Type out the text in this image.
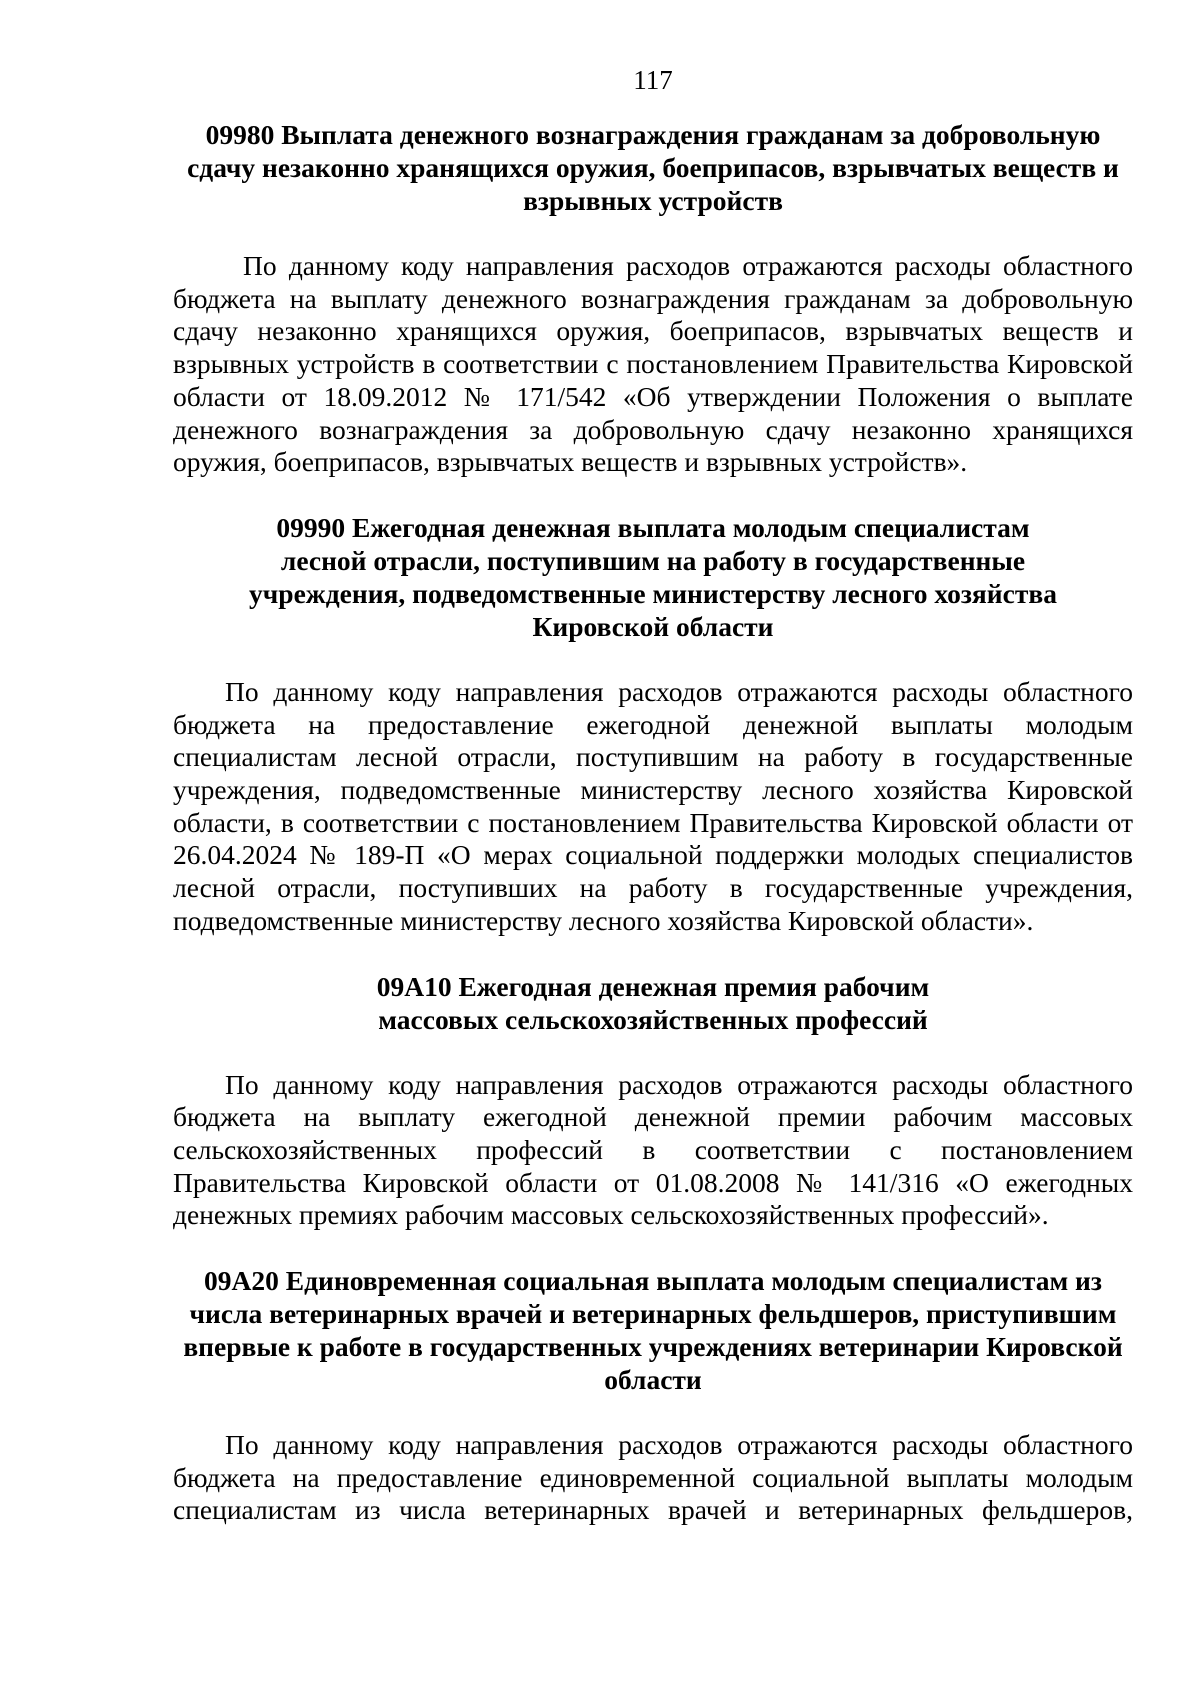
117
09980 Выплата денежного вознаграждения гражданам за добровольную сдачу незаконно хранящихся оружия, боеприпасов, взрывчатых веществ и взрывных устройств

По данному коду направления расходов отражаются расходы областного бюджета на выплату денежного вознаграждения гражданам за добровольную сдачу незаконно хранящихся оружия, боеприпасов, взрывчатых веществ и взрывных устройств в соответствии с постановлением Правительства Кировской области от 18.09.2012 № 171/542 «Об утверждении Положения о выплате денежного вознаграждения за добровольную сдачу незаконно хранящихся оружия, боеприпасов, взрывчатых веществ и взрывных устройств».

09990 Ежегодная денежная выплата молодым специалистам лесной отрасли, поступившим на работу в государственные учреждения, подведомственные министерству лесного хозяйства Кировской области

По данному коду направления расходов отражаются расходы областного бюджета на предоставление ежегодной денежной выплаты молодым специалистам лесной отрасли, поступившим на работу в государственные учреждения, подведомственные министерству лесного хозяйства Кировской области, в соответствии с постановлением Правительства Кировской области от 26.04.2024 № 189-П «О мерах социальной поддержки молодых специалистов лесной отрасли, поступивших на работу в государственные учреждения, подведомственные министерству лесного хозяйства Кировской области».

09А10 Ежегодная денежная премия рабочим массовых сельскохозяйственных профессий

По данному коду направления расходов отражаются расходы областного бюджета на выплату ежегодной денежной премии рабочим массовых сельскохозяйственных профессий в соответствии с постановлением Правительства Кировской области от 01.08.2008 № 141/316 «О ежегодных денежных премиях рабочим массовых сельскохозяйственных профессий».

09А20 Единовременная социальная выплата молодым специалистам из числа ветеринарных врачей и ветеринарных фельдшеров, приступившим впервые к работе в государственных учреждениях ветеринарии Кировской области

По данному коду направления расходов отражаются расходы областного бюджета на предоставление единовременной социальной выплаты молодым специалистам из числа ветеринарных врачей и ветеринарных фельдшеров,
